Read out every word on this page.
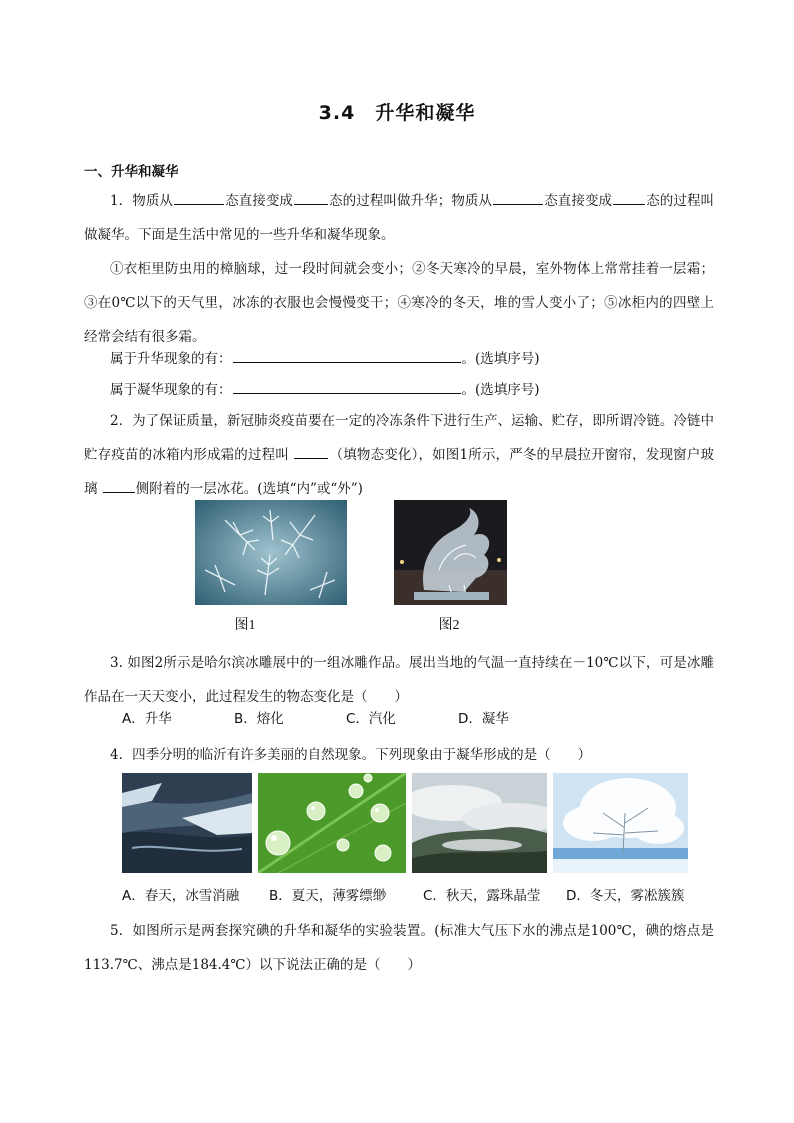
3.4　升华和凝华
一、升华和凝华
1．物质从	态直接变成	态的过程叫做升华；物质从	态直接变成	态的过程叫做凝华。下面是生活中常见的一些升华和凝华现象。
①衣柜里防虫用的樟脑球，过一段时间就会变小；②冬天寒冷的早晨，室外物体上常常挂着一层霜；③在0℃以下的天气里，冰冻的衣服也会慢慢变干；④寒冷的冬天，堆的雪人变小了；⑤冰柜内的四壁上经常会结有很多霜。
属于升华现象的有：	。(选填序号)
属于凝华现象的有：	。(选填序号)
2．为了保证质量，新冠肺炎疫苗要在一定的冷冻条件下进行生产、运输、贮存，即所谓冷链。冷链中贮存疫苗的冰箱内形成霜的过程叫	（填物态变化），如图1所示，严冬的早晨拉开窗帘，发现窗户玻璃	侧附着的一层冰花。(选填“内”或“外”)
图1	图2
3. 如图2所示是哈尔滨冰雕展中的一组冰雕作品。展出当地的气温一直持续在－10℃以下，可是冰雕作品在一天天变小，此过程发生的物态变化是（　　）
A．升华	B．熔化	C．汽化	D．凝华
4．四季分明的临沂有许多美丽的自然现象。下列现象由于凝华形成的是（　　）
A．春天，冰雪消融 B．夏天，薄雾缥缈	C．秋天，露珠晶莹 D．冬天，雾凇簇簇
5．如图所示是两套探究碘的升华和凝华的实验装置。(标准大气压下水的沸点是100℃，碘的熔点是113.7℃、沸点是184.4℃）以下说法正确的是（　　）
